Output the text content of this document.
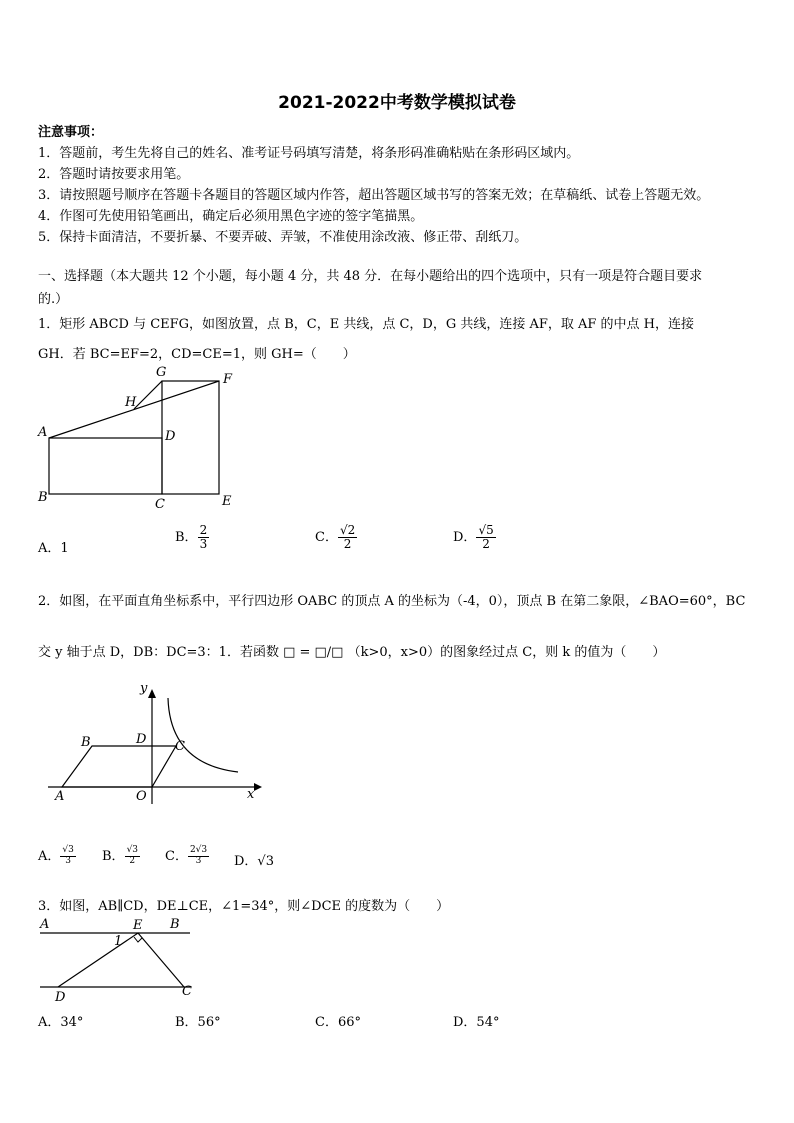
2021-2022中考数学模拟试卷
注意事项：
1．答题前，考生先将自己的姓名、准考证号码填写清楚，将条形码准确粘贴在条形码区域内。
2．答题时请按要求用笔。
3．请按照题号顺序在答题卡各题目的答题区域内作答，超出答题区域书写的答案无效；在草稿纸、试卷上答题无效。
4．作图可先使用铅笔画出，确定后必须用黑色字迹的签字笔描黑。
5．保持卡面清洁，不要折暴、不要弄破、弄皱，不准使用涂改液、修正带、刮纸刀。
一、选择题（本大题共 12 个小题，每小题 4 分，共 48 分．在每小题给出的四个选项中，只有一项是符合题目要求
的.）
1．矩形 ABCD 与 CEFG，如图放置，点 B，C，E 共线，点 C，D，G 共线，连接 AF，取 AF 的中点 H，连接
GH．若 BC=EF=2，CD=CE=1，则 GH=（　　）
A
B	C
D
E
F
G
H
A．1
B． $\frac{2}{3}$	C． $\frac{√2}{2}$	D． $\frac{√5}{2}$
2．如图，在平面直角坐标系中，平行四边形 OABC 的顶点 A 的坐标为（-4，0），顶点 B 在第二象限，∠BAO=60°，BC
交 y 轴于点 D，DB：DC=3：1．若函数 □ = □/□ （k>0，x>0）的图象经过点 C，则 k 的值为（　　）
y
x
O
A
B	C
D
A． $\frac{√3}{3}$ B． $\frac{√3}{2}$ C． $\frac{2√3}{3}$ D．√3
3．如图，AB∥CD，DE⊥CE，∠1=34°，则∠DCE 的度数为（　　）
A	B
E
1
D	C
A．34°	B．56°	C．66°	D．54°
